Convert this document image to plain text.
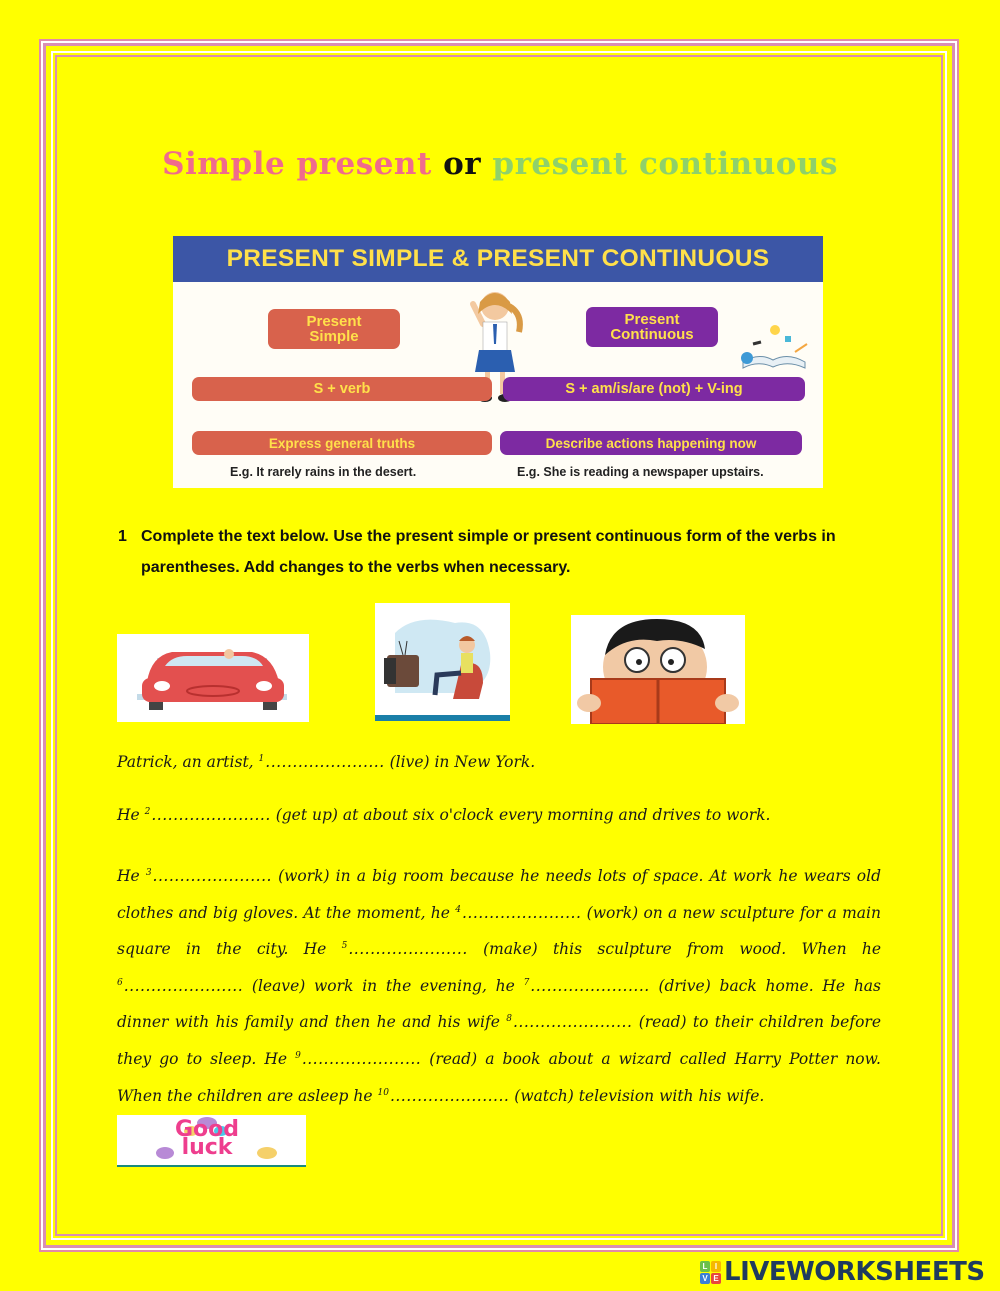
Simple present or present continuous
PRESENT SIMPLE & PRESENT CONTINUOUS
Present
Simple
Present
Continuous
S + verb	S + am/is/are (not) + V-ing
Express general truths	Describe actions happening now
E.g. It rarely rains in the desert.	E.g. She is reading a newspaper upstairs.
1 Complete the text below. Use the present simple or present continuous form of the verbs in parentheses. Add changes to the verbs when necessary.
Patrick, an artist, $^1$...................... (live) in New York.
He $^2$...................... (get up) at about six o'clock every morning and drives to work.
He $^3$...................... (work) in a big room because he needs lots of space. At work he wears old clothes and big gloves. At the moment, he $^4$...................... (work) on a new sculpture for a main square in the city. He $^5$...................... (make) this sculpture from wood. When he $^6$...................... (leave) work in the evening, he $^7$...................... (drive) back home. He has dinner with his family and then he and his wife $^8$...................... (read) to their children before they go to sleep. He $^9$...................... (read) a book about a wizard called Harry Potter now. When the children are asleep he $^{10}$...................... (watch) television with his wife.
Good
luck
L I
V E LIVEWORKSHEETS
